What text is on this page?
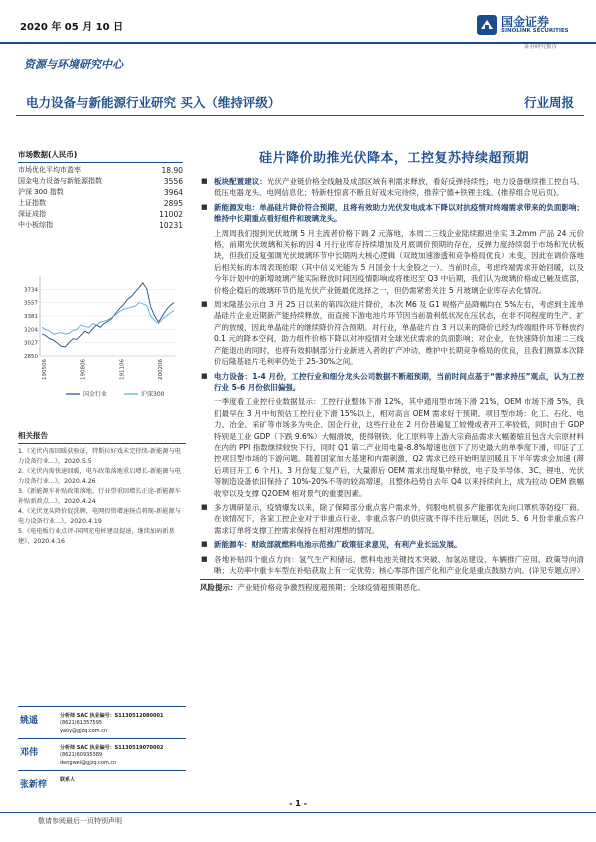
2020 年 05 月 10 日	国金证券
SINOLINK SECURITIES
证券研究报告
资源与环境研究中心
电力设备与新能源行业研究 买入（维持评级）	行业周报
市场数据(人民币)
市场优化平均市盈率	18.90
国金电力设备与新能源指数	3556
沪深 300 指数	3964
上证指数	2895
深证成指	11002
中小板综指	10231
3734
3557
3381
3204
3027
2850
190506	190806	191106	200206
国金行业	沪深300
相关报告
1.《光伏内需回暖获验证，特斯拉好戏未完待续-新能源与电力设备行业...》，2020.5.5
2.《光伏内需快速回暖，电车政策落地重启增长-新能源与电力设备行业...》，2020.4.26
3.《新能源车补贴政策落地，行业望重回增长正途-新能源车补贴新政点...》，2020.4.24
4.《光伏龙头降价促洗牌，电网投资增速扬点将现-新能源与电力设备行业...》，2020.4.19
5.《电电板行业点评-国网充电桩建设提速，继续加码新基建》，2020.4.16
姚遥	分析师 SAC 执业编号：S1130512080001
(8621)61357595
yaoy@gjzq.com.cn
邓伟	分析师 SAC 执业编号：S1130519070002
(8621)60935389
dengwei@gjzq.com.cn
张新梓	联系人
硅片降价助推光伏降本，工控复苏持续超预期
■ 板块配置建议：光伏产业链价格全线触及成部区域有利需求释放，看好反弹持续性；电力设备继续推工控自马、低压电器龙头、电网信息化；特新柱惊喜不断且好戏未完待续，推荐宁德+铁锂主线。(推荐组合见后页)。
■ 新能源发电：单晶硅片降价符合预期，且将有效助力光伏发电成本下降以对抗疫情对终端需求带来的负面影响；维持中长期重点看好组件和玻璃龙头。
上周周我们提到光伏玻璃 5 月主流者价格下调 2 元落地，本周二三线企业陆续跟进坐实 3.2mm 产品 24 元价格，前期光伏玻璃和关标的因 4 月行业库存持续增加及月底调价预期的存在，反弹力度持续弱于市场和光伏板块，但我们反复强调光伏玻璃环节中长期两大核心逻辑（双玻加速渗透和竞争格局优良）未变，因此在调价落地后相关标的本周表现抢眼（其中信义光能为 5 月国金十大金股之一）。当前时点，考虑终端需求开始回暖，以及今年计划中的新增玻璃产能实际释放时间因疫情影响或将推迟至 Q3 中后期，我们认为玻璃价格或已触及底部，价格企稳后的玻璃环节仍是光伏产业链最优选择之一，但仍需紧密关注 5 月玻璃企业库存去化情况。
■ 周末隆基公示自 3 月 25 日以来的第四次硅片降价，本次 M6 及 G1 规格产品降幅均在 5%左右，考虑到主流单晶硅片企业近期新产能持续释放，而直接下游电池片环节因当前盈利低状况在压状态，在非不同程度的生产、扩产的放缓，因此单晶硅片的继续降价符合预期。对行业，单晶硅片自 3 月以来的降价已经为终端组件环节释放约 0.1 元的降本空间，助力组件价格下降以对冲疫情对全球光伏需求的负面影响；对企业，在快速降价加速二三线产能退出的同时，也将有效抑制部分行业新进入者的扩产冲动，维护中长期竞争格局的优良，且我们测算本次降价后隆基硅片毛利率仍处于 25-30%之间。
■ 电力设备：1-4 月份，工控行业和细分龙头公司数据不断超预期，当前时间点基于“需求持压”观点，认为工控行业 5-6 月份依旧偏强。
一季度看工业控行业数据显示：工控行业整体下滑 12%，其中通用型市场下滑 21%，OEM 市场下滑 5%，我们最早在 3 月中旬预估工控行业下滑 15%以上，相对高言 OEM 需求好于预期。项目型市场：化工、石化、电力、冶金、采矿等市场多为央企、国企行业，这些行业在 2 月份普遍复工较慢或者开工率较低，同时由于 GDP 特别是工业 GDP（下跌 9.6%）大幅滑坡，使得钢铁、化工原料等上游大宗商品需求大幅萎缩且包含大宗原材料在内的 PPI 指数继续较快下行，同时 Q1 第二产业用电量-8.8%增速也创下了历史最大的单季度下滑，印证了工控项目型市场的下游问题。随着国家加大基建和内需刺激，Q2 需求已经开始明显回暖且下半年需求会加速 (滞后项目开工 6 个月)。3 月份复工复产后，大量滞后 OEM 需求出现集中释放，电子及半导体、3C、锂电、光伏等制造设备依旧保持了 10%-20%不等的较高增速，且整体趋势自去年 Q4 以来持续向上，成为拉动 OEM 跌幅收窄以及支撑 Q2OEM 相对景气的重要因素。
■ 多方调研显示，疫情爆发以来，除了保障部分重点客户需求外，伺服电机很多产能都优先向口罩机等防疫厂商。在该情况下，各家工控企业对于非重点行业、非重点客户的供应就不得不往后顺延，因此 5、6 月份非重点客户需求订单将支撑工控需求保持在相对理想的情况。
■ 新能源车：财政部就燃料电池示范推广政策征求意见，有利产业长远发展。
■ 各地补贴四个重点方向：氢气生产和储运、燃料电池关键技术突破、加氢站建设、车辆推广应用，政策导向清晰；大功率中重卡车型在补贴获取上有一定优势；核心零部件国产化和产业化是重点鼓励方向。(详见专题点评）
风险提示：产业链价格竞争激烈程度超预期；全球疫情超预期恶化。
- 1 -
敬请参阅最后一页特别声明
